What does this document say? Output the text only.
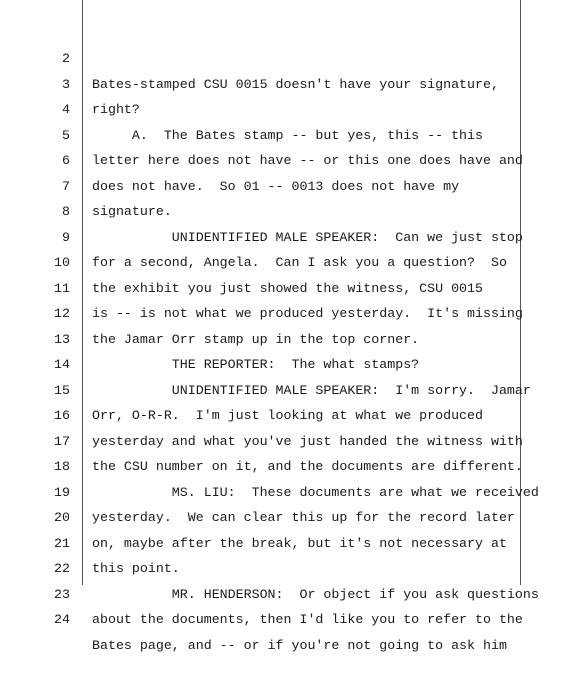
2

Bates-stamped CSU 0015 doesn't have your signature,

3

right?

4

A.  The Bates stamp -- but yes, this -- this

5

letter here does not have -- or this one does have and

6

does not have.  So 01 -- 0013 does not have my

7

signature.

8

UNIDENTIFIED MALE SPEAKER:  Can we just stop

9

for a second, Angela.  Can I ask you a question?  So

10

the exhibit you just showed the witness, CSU 0015

11

is -- is not what we produced yesterday.  It's missing

12

the Jamar Orr stamp up in the top corner.

13

THE REPORTER:  The what stamps?

14

UNIDENTIFIED MALE SPEAKER:  I'm sorry.  Jamar

15

Orr, O-R-R.  I'm just looking at what we produced

16

yesterday and what you've just handed the witness with

17

the CSU number on it, and the documents are different.

18

MS. LIU:  These documents are what we received

19

yesterday.  We can clear this up for the record later

20

on, maybe after the break, but it's not necessary at

21

this point.

22

MR. HENDERSON:  Or object if you ask questions

23

about the documents, then I'd like you to refer to the

24

Bates page, and -- or if you're not going to ask him
